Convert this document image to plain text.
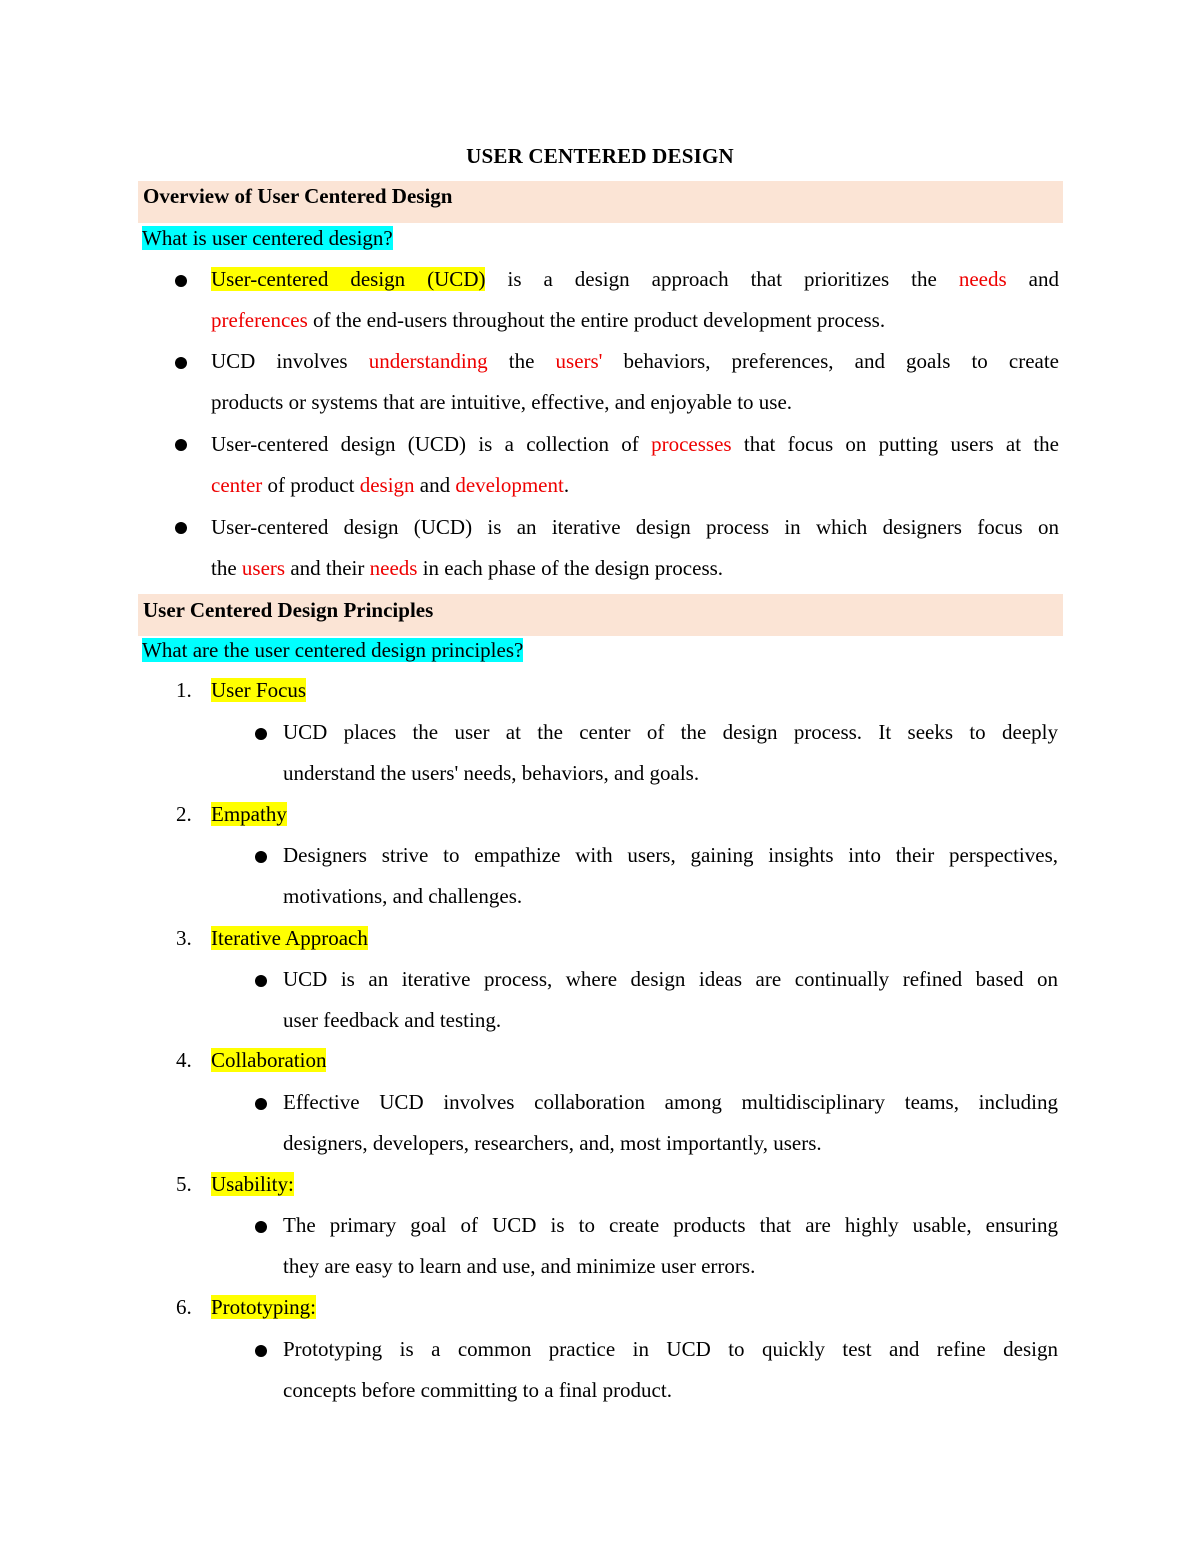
USER CENTERED DESIGN
Overview of User Centered Design
What is user centered design?
User-centered design (UCD) is a design approach that prioritizes the needs and
preferences of the end-users throughout the entire product development process.
UCD involves understanding the users' behaviors, preferences, and goals to create
products or systems that are intuitive, effective, and enjoyable to use.
User-centered design (UCD) is a collection of processes that focus on putting users at the
center of product design and development.
User-centered design (UCD) is an iterative design process in which designers focus on
the users and their needs in each phase of the design process.
User Centered Design Principles
What are the user centered design principles?
1. User Focus
UCD places the user at the center of the design process. It seeks to deeply
understand the users' needs, behaviors, and goals.
2. Empathy
Designers strive to empathize with users, gaining insights into their perspectives,
motivations, and challenges.
3. Iterative Approach
UCD is an iterative process, where design ideas are continually refined based on
user feedback and testing.
4. Collaboration
Effective UCD involves collaboration among multidisciplinary teams, including
designers, developers, researchers, and, most importantly, users.
5. Usability:
The primary goal of UCD is to create products that are highly usable, ensuring
they are easy to learn and use, and minimize user errors.
6. Prototyping:
Prototyping is a common practice in UCD to quickly test and refine design
concepts before committing to a final product.
